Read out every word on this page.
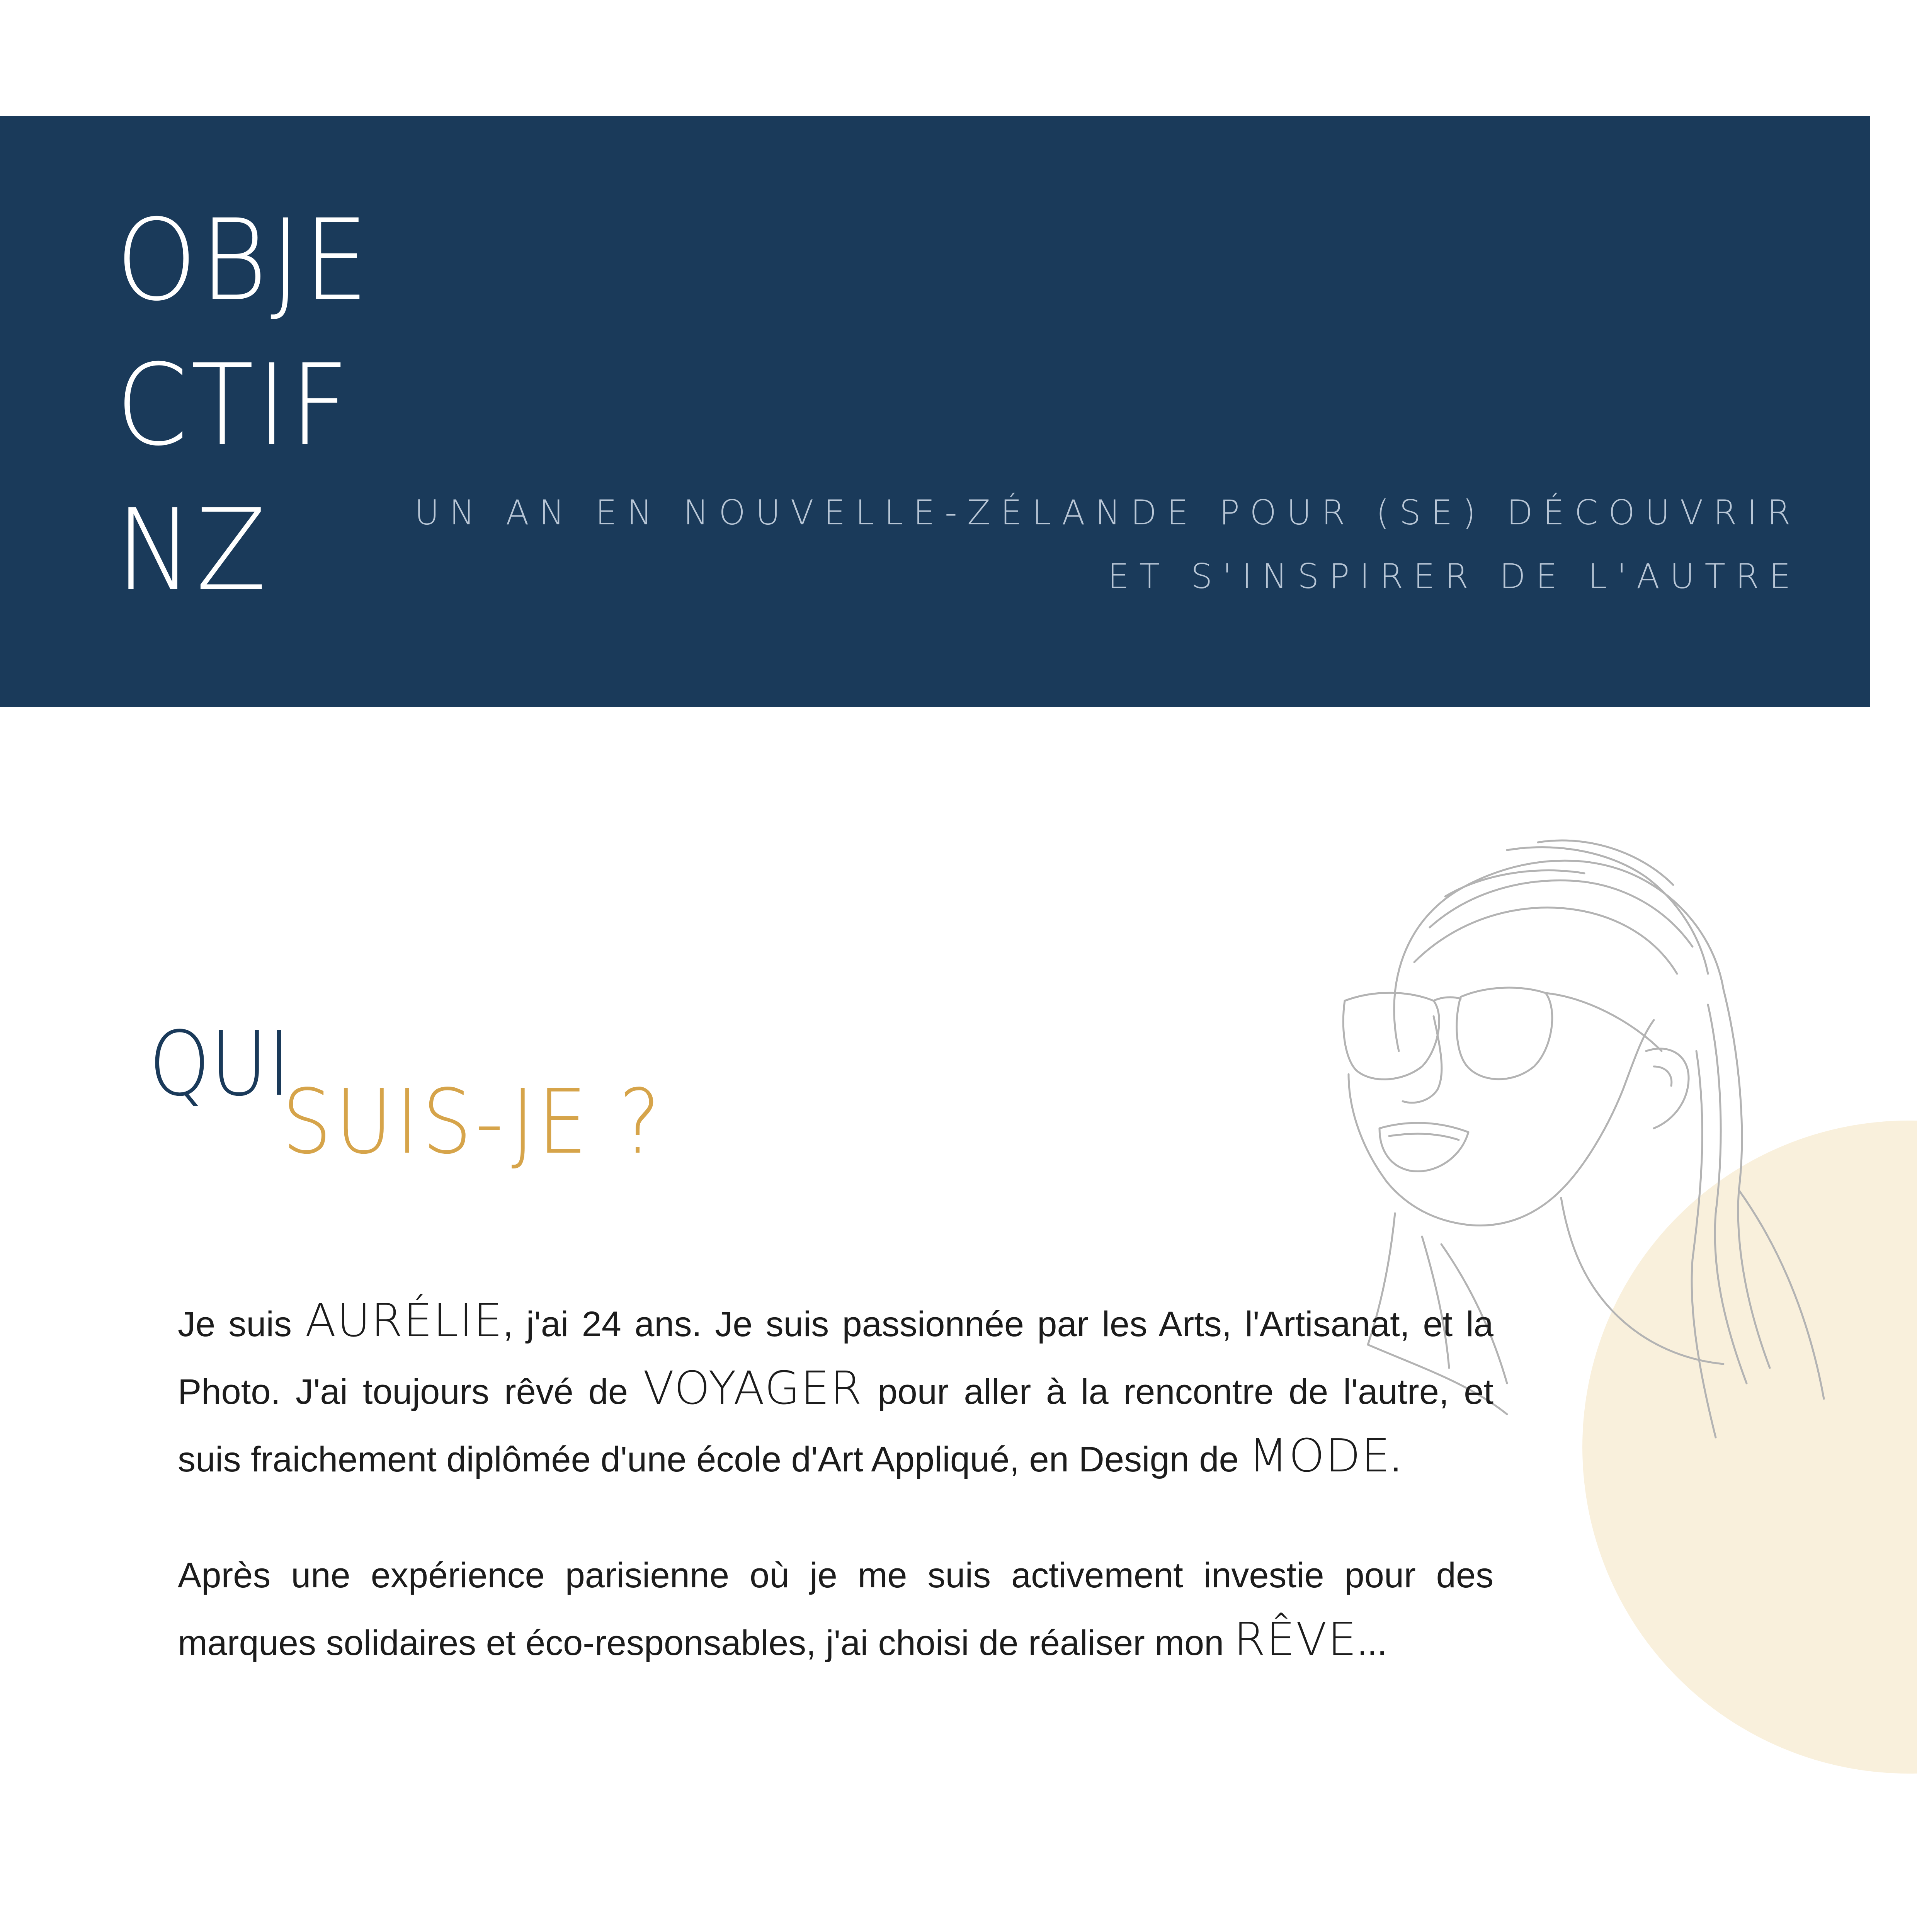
OBJE
CTIF
NZ	UN AN EN NOUVELLE-ZÉLANDE POUR (SE) DÉCOUVRIR
ET S'INSPIRER DE L'AUTRE
QUI
SUIS-JE ?
Je suis AURÉLIE, j'ai 24 ans. Je suis passionnée par les Arts, l'Artisanat, et la Photo. J'ai toujours rêvé de VOYAGER pour aller à la rencontre de l'autre, et suis fraichement diplômée d'une école d'Art Appliqué, en Design de MODE.
Après une expérience parisienne où je me suis activement investie pour des marques solidaires et éco-responsables, j'ai choisi de réaliser mon RÊVE...
